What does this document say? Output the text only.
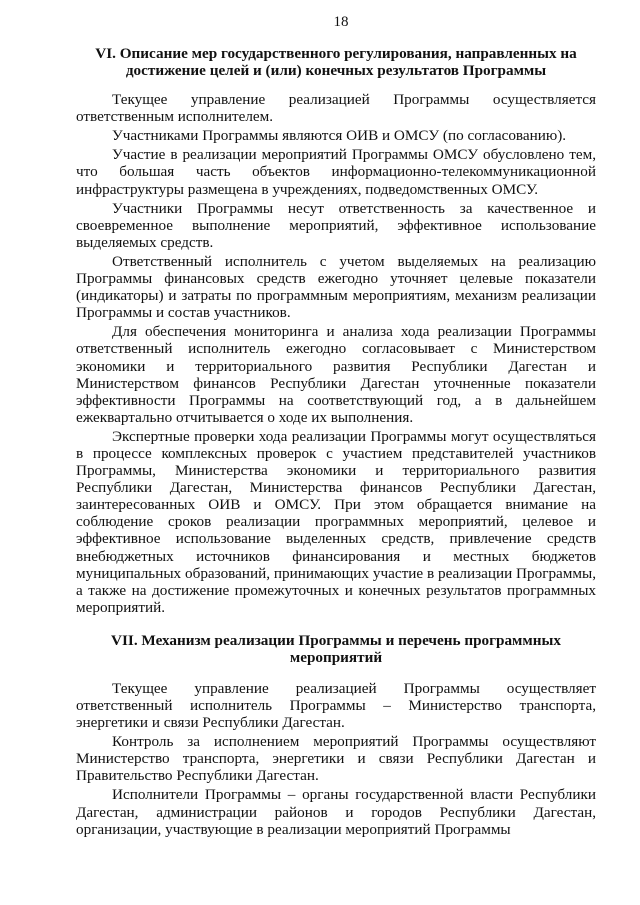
18
VI. Описание мер государственного регулирования, направленных на достижение целей и (или) конечных результатов Программы

Текущее управление реализацией Программы осуществляется ответственным исполнителем.

Участниками Программы являются ОИВ и ОМСУ (по согласованию).

Участие в реализации мероприятий Программы ОМСУ обусловлено тем, что большая часть объектов информационно-телекоммуникационной инфраструктуры размещена в учреждениях, подведомственных ОМСУ.

Участники Программы несут ответственность за качественное и своевременное выполнение мероприятий, эффективное использование выделяемых средств.

Ответственный исполнитель с учетом выделяемых на реализацию Программы финансовых средств ежегодно уточняет целевые показатели (индикаторы) и затраты по программным мероприятиям, механизм реализации Программы и состав участников.

Для обеспечения мониторинга и анализа хода реализации Программы ответственный исполнитель ежегодно согласовывает с Министерством экономики и территориального развития Республики Дагестан и Министерством финансов Республики Дагестан уточненные показатели эффективности Программы на соответствующий год, а в дальнейшем ежеквартально отчитывается о ходе их выполнения.

Экспертные проверки хода реализации Программы могут осуществляться в процессе комплексных проверок с участием представителей участников Программы, Министерства экономики и территориального развития Республики Дагестан, Министерства финансов Республики Дагестан, заинтересованных ОИВ и ОМСУ. При этом обращается внимание на соблюдение сроков реализации программных мероприятий, целевое и эффективное использование выделенных средств, привлечение средств внебюджетных источников финансирования и местных бюджетов муниципальных образований, принимающих участие в реализации Программы, а также на достижение промежуточных и конечных результатов программных мероприятий.

VII. Механизм реализации Программы и перечень программных мероприятий

Текущее управление реализацией Программы осуществляет ответственный исполнитель Программы – Министерство транспорта, энергетики и связи Республики Дагестан.

Контроль за исполнением мероприятий Программы осуществляют Министерство транспорта, энергетики и связи Республики Дагестан и Правительство Республики Дагестан.

Исполнители Программы – органы государственной власти Республики Дагестан, администрации районов и городов Республики Дагестан, организации, участвующие в реализации мероприятий Программы
